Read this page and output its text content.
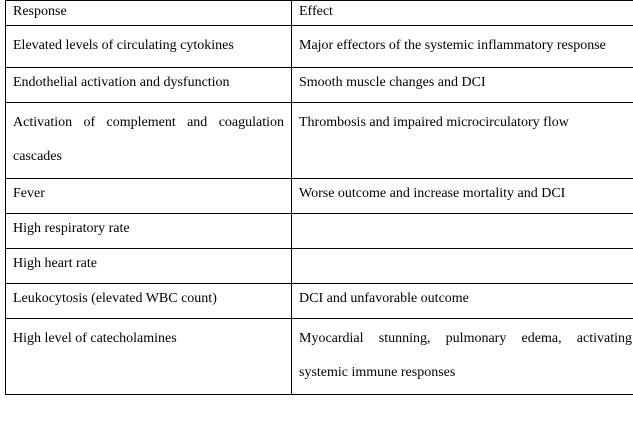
Response	Effect
Elevated levels of circulating cytokines	Major effectors of the systemic inflammatory response
Endothelial activation and dysfunction	Smooth muscle changes and DCI
Activation of complement and coagulation cascades	Thrombosis and impaired microcirculatory flow
Fever	Worse outcome and increase mortality and DCI
High respiratory rate	
High heart rate	
Leukocytosis (elevated WBC count)	DCI and unfavorable outcome
High level of catecholamines	Myocardial stunning, pulmonary edema, activating systemic immune responses
